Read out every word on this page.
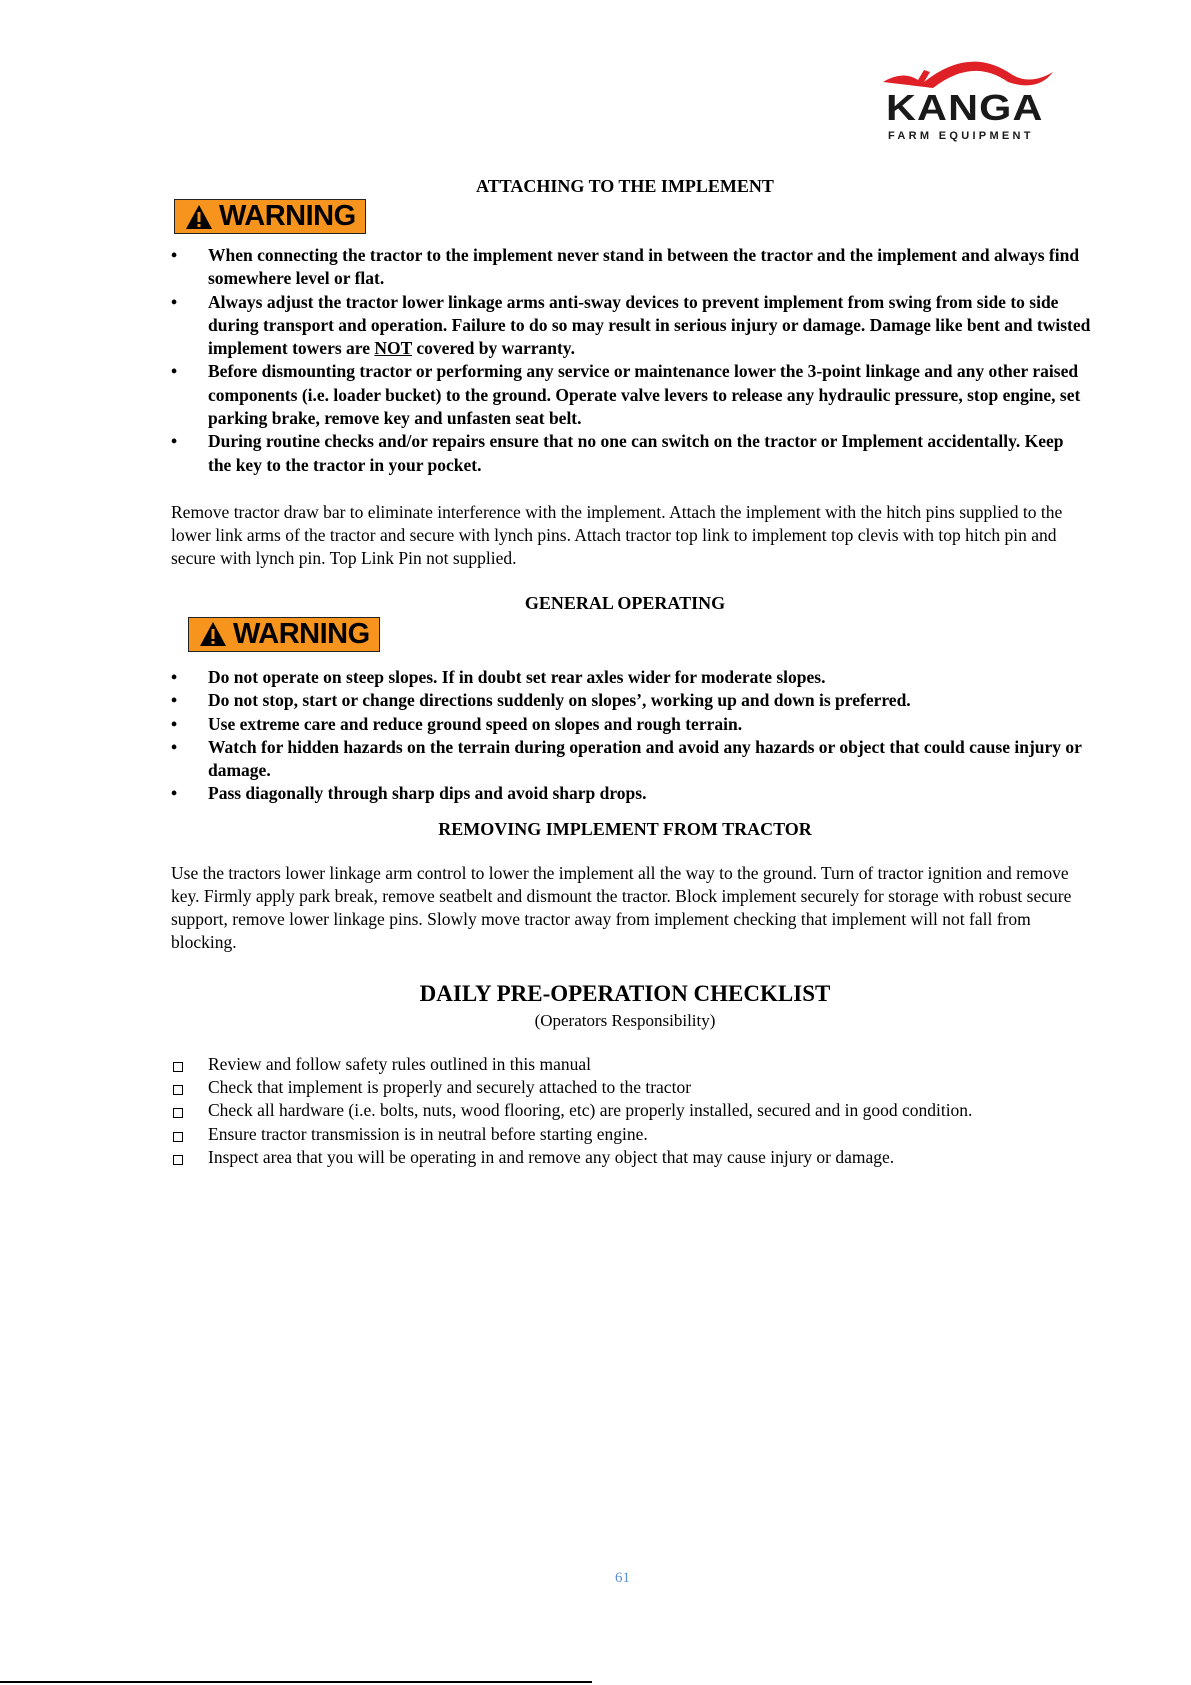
KANGA
FARM EQUIPMENT
ATTACHING TO THE IMPLEMENT
WARNING
• When connecting the tractor to the implement never stand in between the tractor and the implement and always find somewhere level or flat.
• Always adjust the tractor lower linkage arms anti-sway devices to prevent implement from swing from side to side during transport and operation. Failure to do so may result in serious injury or damage. Damage like bent and twisted implement towers are NOT covered by warranty.
• Before dismounting tractor or performing any service or maintenance lower the 3-point linkage and any other raised components (i.e. loader bucket) to the ground. Operate valve levers to release any hydraulic pressure, stop engine, set parking brake, remove key and unfasten seat belt.
• During routine checks and/or repairs ensure that no one can switch on the tractor or Implement accidentally. Keep the key to the tractor in your pocket.
Remove tractor draw bar to eliminate interference with the implement. Attach the implement with the hitch pins supplied to the lower link arms of the tractor and secure with lynch pins. Attach tractor top link to implement top clevis with top hitch pin and secure with lynch pin. Top Link Pin not supplied.
GENERAL OPERATING
WARNING
• Do not operate on steep slopes. If in doubt set rear axles wider for moderate slopes.
• Do not stop, start or change directions suddenly on slopes’, working up and down is preferred.
• Use extreme care and reduce ground speed on slopes and rough terrain.
• Watch for hidden hazards on the terrain during operation and avoid any hazards or object that could cause injury or damage.
• Pass diagonally through sharp dips and avoid sharp drops.
REMOVING IMPLEMENT FROM TRACTOR
Use the tractors lower linkage arm control to lower the implement all the way to the ground. Turn of tractor ignition and remove key. Firmly apply park break, remove seatbelt and dismount the tractor. Block implement securely for storage with robust secure support, remove lower linkage pins. Slowly move tractor away from implement checking that implement will not fall from blocking.
DAILY PRE-OPERATION CHECKLIST
(Operators Responsibility)
Review and follow safety rules outlined in this manual
Check that implement is properly and securely attached to the tractor
Check all hardware (i.e. bolts, nuts, wood flooring, etc) are properly installed, secured and in good condition.
Ensure tractor transmission is in neutral before starting engine.
Inspect area that you will be operating in and remove any object that may cause injury or damage.
61
